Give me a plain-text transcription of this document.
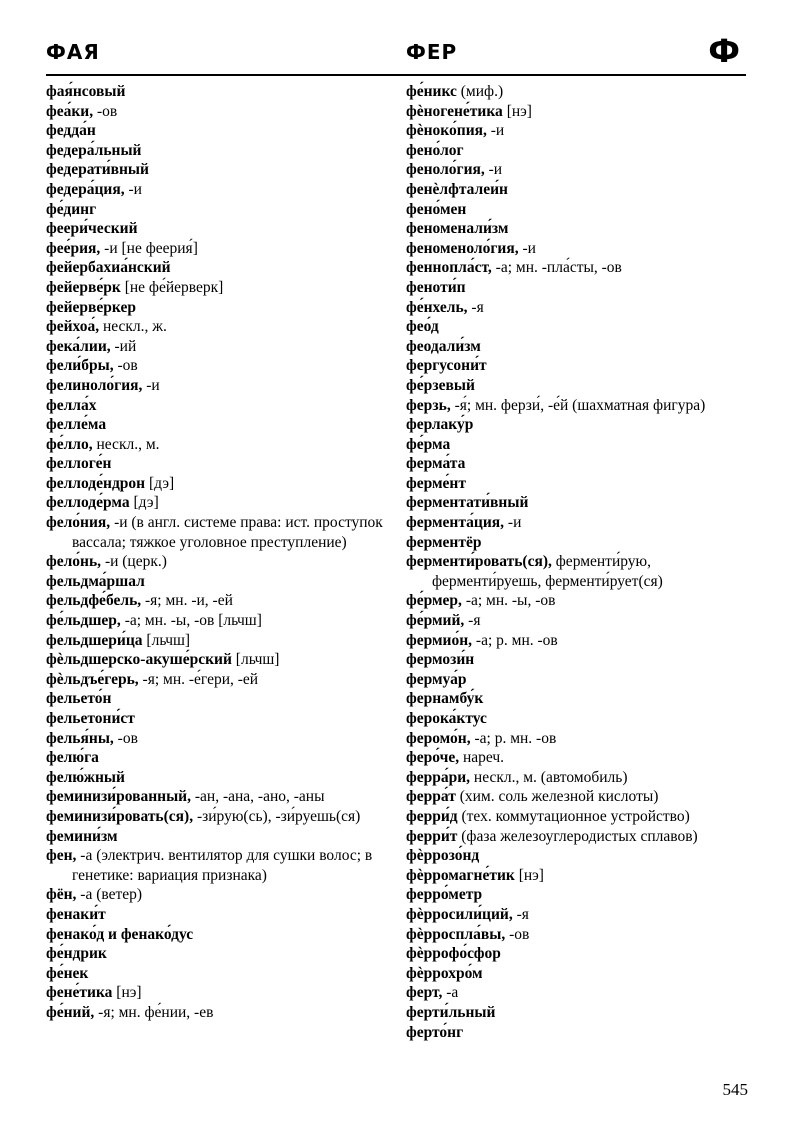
ФАЯ	ФЕР	Ф
фая́нсовый
феа́ки, -ов
федда́н
федера́льный
федерати́вный
федера́ция, -и
фе́динг
феери́ческий
фее́рия, -и [не феерия́]
фейербахиа́нский
фейерве́рк [не фе́йерверк]
фейерве́ркер
фейхоа́, нескл., ж.
фека́лии, -ий
фели́бры, -ов
фелиноло́гия, -и
фелла́х
фелле́ма
фе́лло, нескл., м.
феллоге́н
феллоде́ндрон [дэ]
феллоде́рма [дэ]
фело́ния, -и (в англ. системе права: ист. проступок вассала; тяжкое уголовное преступление)
фело́нь, -и (церк.)
фельдма́ршал
фельдфе́бель, -я; мн. -и, -ей
фе́льдшер, -а; мн. -ы, -ов [льчш]
фельдшери́ца [льчш]
фѐльдшерско-акуше́рский [льчш]
фѐльдъе́герь, -я; мн. -е́гери, -ей
фельето́н
фельетони́ст
фелья́ны, -ов
фелю́га
фелю́жный
феминизи́рованный, -ан, -ана, -ано, -аны
феминизи́ровать(ся), -зи́рую(сь), -зи́руешь(ся)
фемини́зм
фен, -а (электрич. вентилятор для сушки волос; в генетике: вариация признака)
фён, -а (ветер)
фенаки́т
фенако́д и фенако́дус
фе́ндрик
фе́нек
фене́тика [нэ]
фе́ний, -я; мн. фе́нии, -ев
фе́никс (миф.)
фѐногене́тика [нэ]
фѐноко́пия, -и
фено́лог
феноло́гия, -и
фенѐлфталеи́н
фено́мен
феноменали́зм
феноменоло́гия, -и
феннопла́ст, -а; мн. -пла́сты, -ов
феноти́п
фе́нхель, -я
фео́д
феодали́зм
фергусони́т
фе́рзевый
ферзь, -я́; мн. ферзи́, -е́й (шахматная фигура)
ферлаку́р
фе́рма
ферма́та
ферме́нт
ферментати́вный
фермента́ция, -и
ферментёр
ферменти́ровать(ся), ферменти́рую, ферменти́руешь, ферменти́рует(ся)
фе́рмер, -а; мн. -ы, -ов
фе́рмий, -я
фермио́н, -а; р. мн. -ов
фермози́н
фермуа́р
фернамбу́к
ферока́ктус
феромо́н, -а; р. мн. -ов
феро́че, нареч.
ферра́ри, нескл., м. (автомобиль)
ферра́т (хим. соль железной кислоты)
ферри́д (тех. коммутационное устройство)
ферри́т (фаза железоуглеродистых сплавов)
фѐррозо́нд
фѐрромагне́тик [нэ]
ферро́метр
фѐрросили́ций, -я
фѐрроспла́вы, -ов
фѐррофо́сфор
фѐррохро́м
ферт, -а
ферти́льный
ферто́нг
545
